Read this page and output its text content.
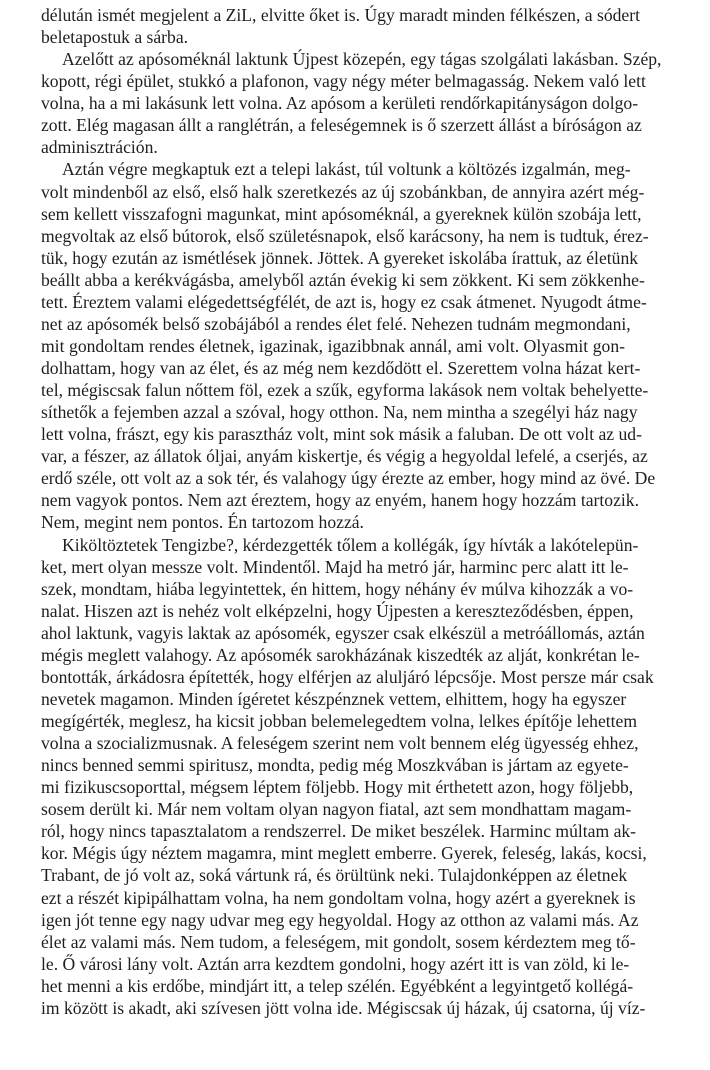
délután ismét megjelent a ZiL, elvitte őket is. Úgy maradt minden félkészen, a sódert
beletapostuk a sárba.
Azelőtt az apósoméknál laktunk Újpest közepén, egy tágas szolgálati lakásban. Szép,
kopott, régi épület, stukkó a plafonon, vagy négy méter belmagasság. Nekem való lett
volna, ha a mi lakásunk lett volna. Az apósom a kerületi rendőrkapitányságon dolgo-
zott. Elég magasan állt a ranglétrán, a feleségemnek is ő szerzett állást a bíróságon az
adminisztráción.
Aztán végre megkaptuk ezt a telepi lakást, túl voltunk a költözés izgalmán, meg-
volt mindenből az első, első halk szeretkezés az új szobánkban, de annyira azért még-
sem kellett visszafogni magunkat, mint apósoméknál, a gyereknek külön szobája lett,
megvoltak az első bútorok, első születésnapok, első karácsony, ha nem is tudtuk, érez-
tük, hogy ezután az ismétlések jönnek. Jöttek. A gyereket iskolába írattuk, az életünk
beállt abba a kerékvágásba, amelyből aztán évekig ki sem zökkent. Ki sem zökkenhe-
tett. Éreztem valami elégedettségfélét, de azt is, hogy ez csak átmenet. Nyugodt átme-
net az apósomék belső szobájából a rendes élet felé. Nehezen tudnám megmondani,
mit gondoltam rendes életnek, igazinak, igazibbnak annál, ami volt. Olyasmit gon-
dolhattam, hogy van az élet, és az még nem kezdődött el. Szerettem volna házat kert-
tel, mégiscsak falun nőttem föl, ezek a szűk, egyforma lakások nem voltak behelyette-
síthetők a fejemben azzal a szóval, hogy otthon. Na, nem mintha a szegélyi ház nagy
lett volna, frászt, egy kis parasztház volt, mint sok másik a faluban. De ott volt az ud-
var, a fészer, az állatok óljai, anyám kiskertje, és végig a hegyoldal lefelé, a cserjés, az
erdő széle, ott volt az a sok tér, és valahogy úgy érezte az ember, hogy mind az övé. De
nem vagyok pontos. Nem azt éreztem, hogy az enyém, hanem hogy hozzám tartozik.
Nem, megint nem pontos. Én tartozom hozzá.
Kiköltöztetek Tengizbe?, kérdezgették tőlem a kollégák, így hívták a lakótelepün-
ket, mert olyan messze volt. Mindentől. Majd ha metró jár, harminc perc alatt itt le-
szek, mondtam, hiába legyintettek, én hittem, hogy néhány év múlva kihozzák a vo-
nalat. Hiszen azt is nehéz volt elképzelni, hogy Újpesten a kereszteződésben, éppen,
ahol laktunk, vagyis laktak az apósomék, egyszer csak elkészül a metróállomás, aztán
mégis meglett valahogy. Az apósomék sarokházának kiszedték az alját, konkrétan le-
bontották, árkádosra építették, hogy elférjen az aluljáró lépcsője. Most persze már csak
nevetek magamon. Minden ígéretet készpénznek vettem, elhittem, hogy ha egyszer
megígérték, meglesz, ha kicsit jobban belemelegedtem volna, lelkes építője lehettem
volna a szocializmusnak. A feleségem szerint nem volt bennem elég ügyesség ehhez,
nincs benned semmi spiritusz, mondta, pedig még Moszkvában is jártam az egyete-
mi fizikuscsoporttal, mégsem léptem följebb. Hogy mit érthetett azon, hogy följebb,
sosem derült ki. Már nem voltam olyan nagyon fiatal, azt sem mondhattam magam-
ról, hogy nincs tapasztalatom a rendszerrel. De miket beszélek. Harminc múltam ak-
kor. Mégis úgy néztem magamra, mint meglett emberre. Gyerek, feleség, lakás, kocsi,
Trabant, de jó volt az, soká vártunk rá, és örültünk neki. Tulajdonképpen az életnek
ezt a részét kipipálhattam volna, ha nem gondoltam volna, hogy azért a gyereknek is
igen jót tenne egy nagy udvar meg egy hegyoldal. Hogy az otthon az valami más. Az
élet az valami más. Nem tudom, a feleségem, mit gondolt, sosem kérdeztem meg tő-
le. Ő városi lány volt. Aztán arra kezdtem gondolni, hogy azért itt is van zöld, ki le-
het menni a kis erdőbe, mindjárt itt, a telep szélén. Egyébként a legyintgető kollégá-
im között is akadt, aki szívesen jött volna ide. Mégiscsak új házak, új csatorna, új víz-
